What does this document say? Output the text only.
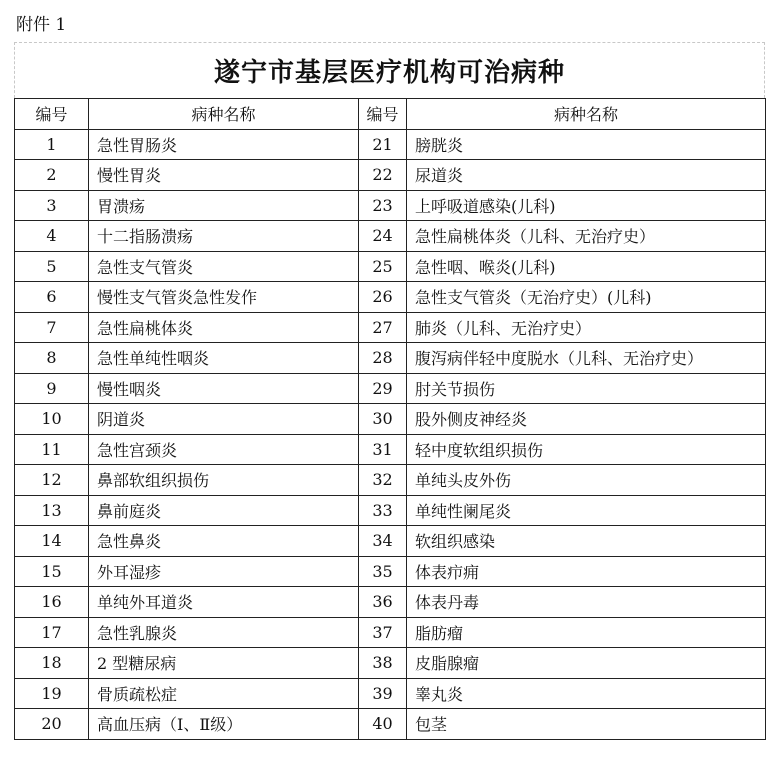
附件 1
遂宁市基层医疗机构可治病种
编号	病种名称	编号	病种名称
1	急性胃肠炎	21	膀胱炎
2	慢性胃炎	22	尿道炎
3	胃溃疡	23	上呼吸道感染(儿科)
4	十二指肠溃疡	24	急性扁桃体炎（儿科、无治疗史）
5	急性支气管炎	25	急性咽、喉炎(儿科)
6	慢性支气管炎急性发作	26	急性支气管炎（无治疗史）(儿科)
7	急性扁桃体炎	27	肺炎（儿科、无治疗史）
8	急性单纯性咽炎	28	腹泻病伴轻中度脱水（儿科、无治疗史）
9	慢性咽炎	29	肘关节损伤
10	阴道炎	30	股外侧皮神经炎
11	急性宫颈炎	31	轻中度软组织损伤
12	鼻部软组织损伤	32	单纯头皮外伤
13	鼻前庭炎	33	单纯性阑尾炎
14	急性鼻炎	34	软组织感染
15	外耳湿疹	35	体表疖痈
16	单纯外耳道炎	36	体表丹毒
17	急性乳腺炎	37	脂肪瘤
18	2 型糖尿病	38	皮脂腺瘤
19	骨质疏松症	39	睾丸炎
20	高血压病（Ⅰ、Ⅱ级）	40	包茎
